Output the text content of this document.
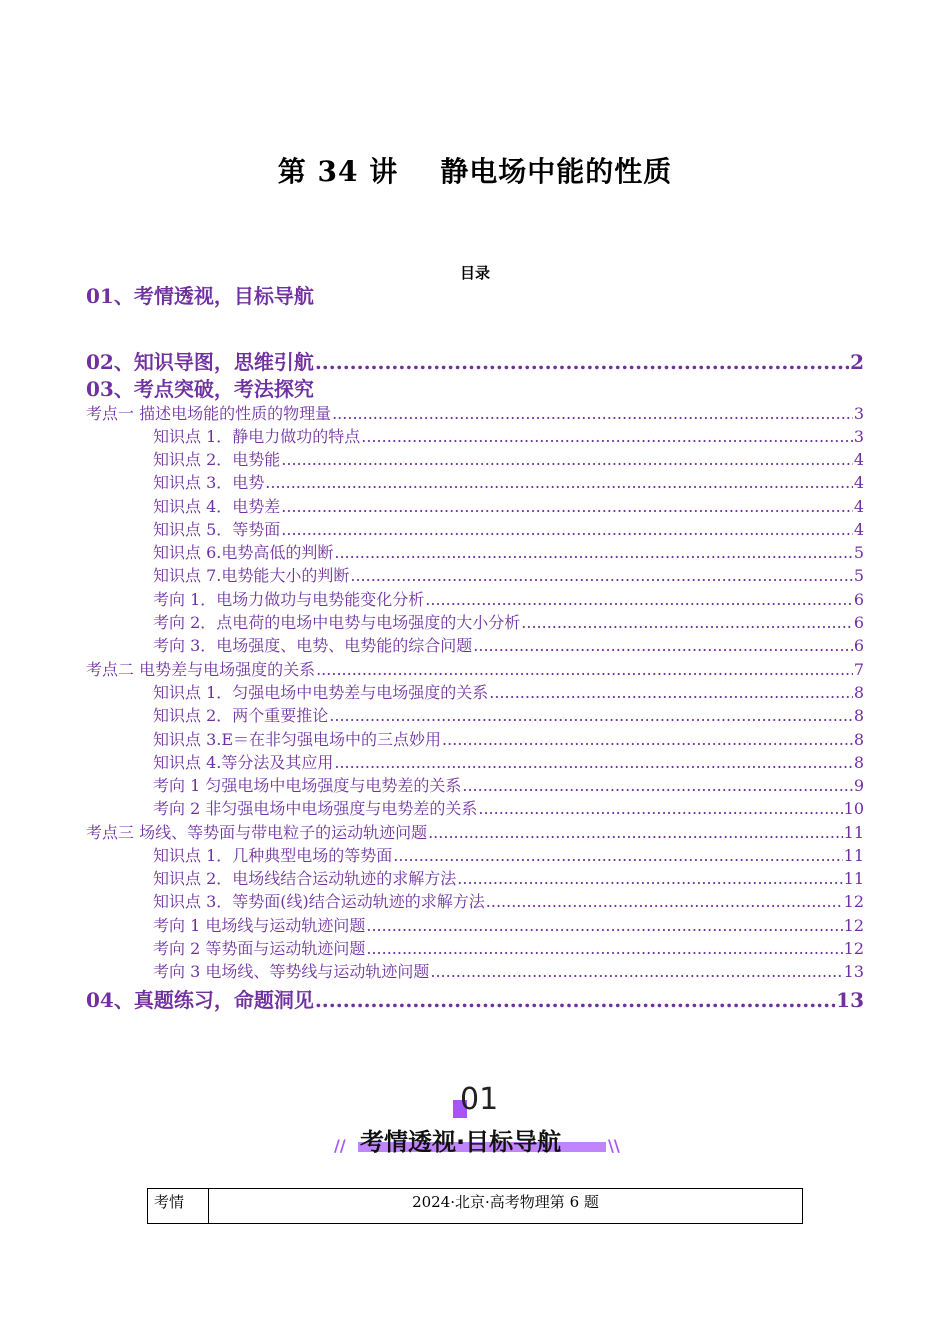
第 34 讲 静电场中能的性质
目录
01、考情透视，目标导航
02、知识导图，思维引航 .....	2
03、考点突破，考法探究
考点一 描述电场能的性质的物理量 .....	3
知识点 1．静电力做功的特点 .....	3
知识点 2．电势能 .....	4
知识点 3．电势 .....	4
知识点 4．电势差 .....	4
知识点 5．等势面 .....	4
知识点 6.电势高低的判断 .....	5
知识点 7.电势能大小的判断 .....	5
考向 1．电场力做功与电势能变化分析 .....	6
考向 2．点电荷的电场中电势与电场强度的大小分析 .....	6
考向 3．电场强度、电势、电势能的综合问题 .....	6
考点二 电势差与电场强度的关系 .....	7
知识点 1．匀强电场中电势差与电场强度的关系 .....	8
知识点 2．两个重要推论 .....	8
知识点 3.E＝在非匀强电场中的三点妙用 .....	8
知识点 4.等分法及其应用 .....	8
考向 1 匀强电场中电场强度与电势差的关系 .....	9
考向 2 非匀强电场中电场强度与电势差的关系 .....	10
考点三 场线、等势面与带电粒子的运动轨迹问题 .....	11
知识点 1．几种典型电场的等势面 .....	11
知识点 2．电场线结合运动轨迹的求解方法 .....	11
知识点 3．等势面(线)结合运动轨迹的求解方法 .....	12
考向 1 电场线与运动轨迹问题 .....	12
考向 2 等势面与运动轨迹问题 .....	12
考向 3 电场线、等势线与运动轨迹问题 .....	13
04、真题练习，命题洞见 .....	13
01
// 考情透视·目标导航	\\
考情	2024·北京·高考物理第 6 题
